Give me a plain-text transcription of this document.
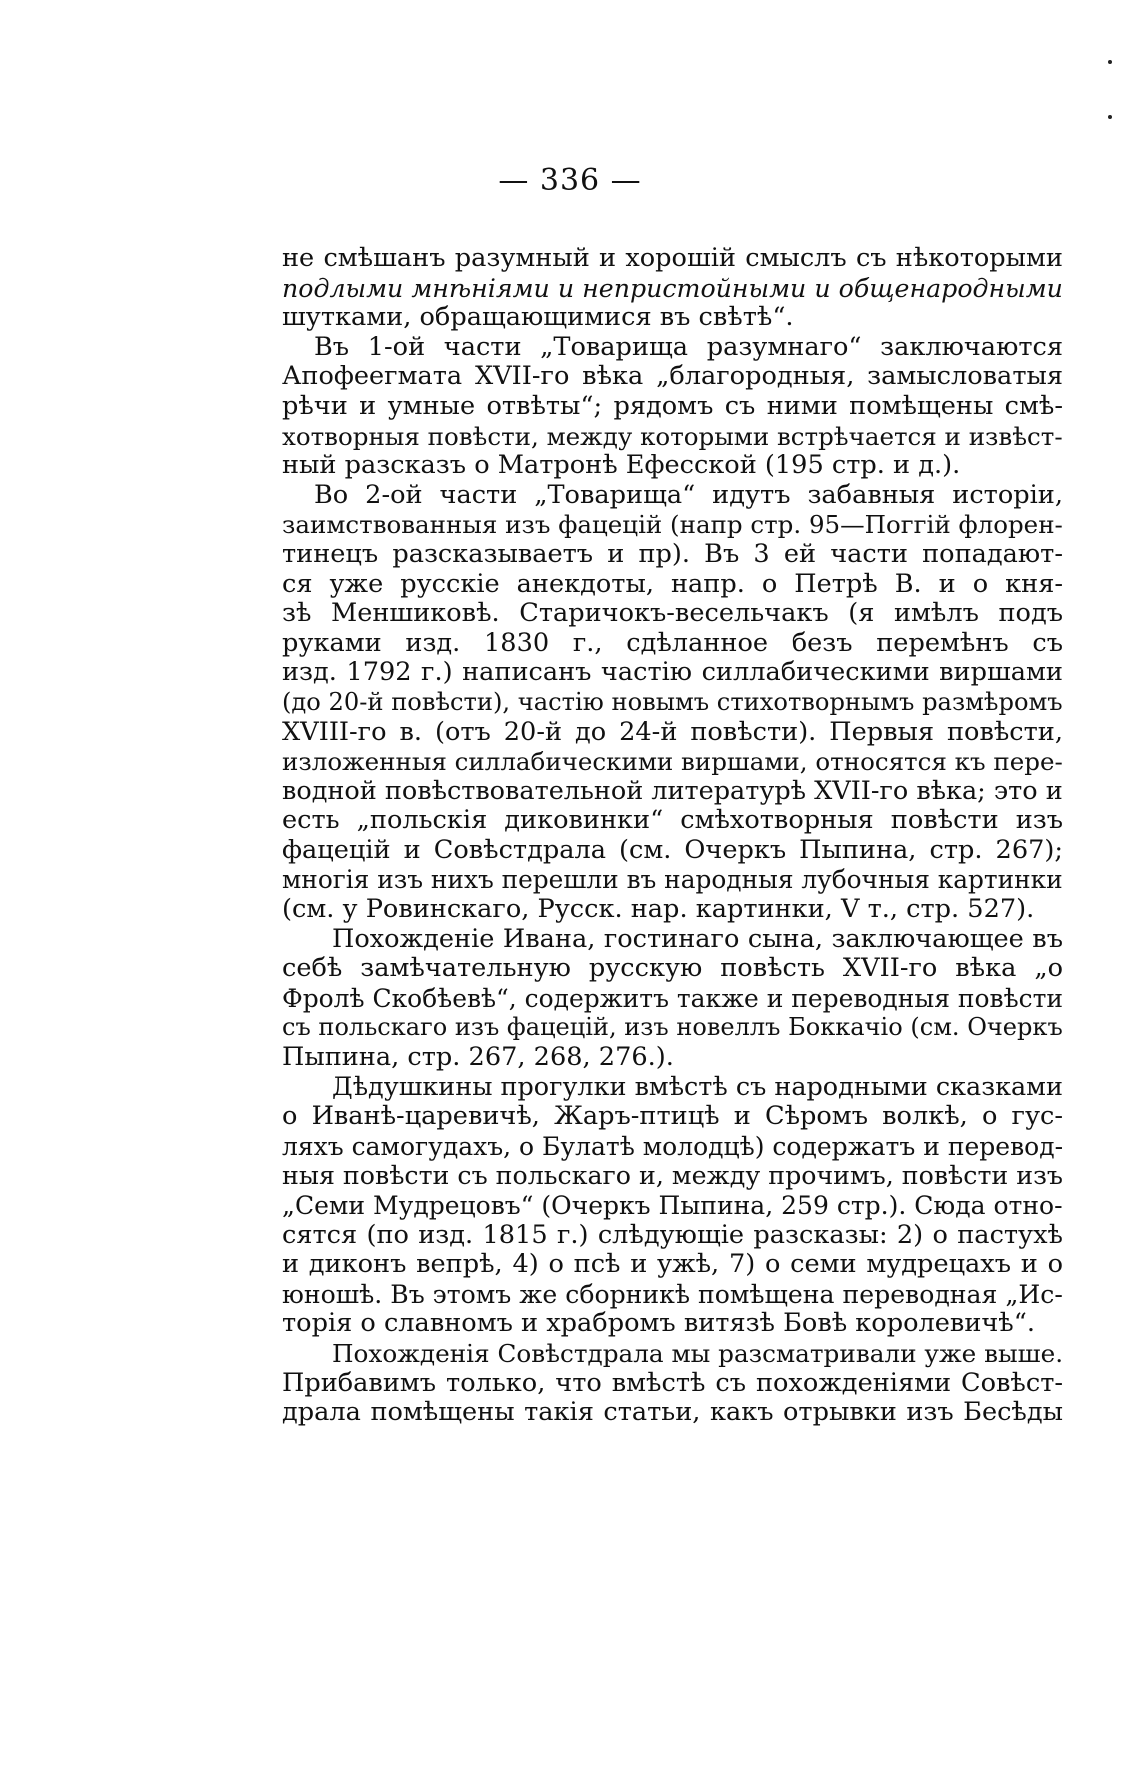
— 336 —
не смѣшанъ разумный и хорошій смыслъ съ нѣкоторыми
подлыми мнѣніями и непристойными и общенародными
шутками, обращающимися въ свѣтѣ“.
Въ 1-ой части „Товарища разумнаго“ заключаются
Апофеегмата XVII-го вѣка „благородныя, замысловатыя
рѣчи и умные отвѣты“; рядомъ съ ними помѣщены смѣ-
хотворныя повѣсти, между которыми встрѣчается и извѣст-
ный разсказъ о Матронѣ Ефесской (195 стр. и д.).
Во 2-ой части „Товарища“ идутъ забавныя исторіи,
заимствованныя изъ фацецій (напр стр. 95—Поггій флорен-
тинецъ разсказываетъ и пр). Въ 3 ей части попадают-
ся уже русскіе анекдоты, напр. о Петрѣ В. и о кня-
зѣ Меншиковѣ. Старичокъ-весельчакъ (я имѣлъ подъ
руками изд. 1830 г., сдѣланное безъ перемѣнъ съ
изд. 1792 г.) написанъ частію силлабическими виршами
(до 20-й повѣсти), частію новымъ стихотворнымъ размѣромъ
XVIII-го в. (отъ 20-й до 24-й повѣсти). Первыя повѣсти,
изложенныя силлабическими виршами, относятся къ пере-
водной повѣствовательной литературѣ XVII-го вѣка; это и
есть „польскія диковинки“ смѣхотворныя повѣсти изъ
фацецій и Совѣстдрала (см. Очеркъ Пыпина, стр. 267);
многія изъ нихъ перешли въ народныя лубочныя картинки
(см. у Ровинскаго, Русск. нар. картинки, V т., стр. 527).
Похожденіе Ивана, гостинаго сына, заключающее въ
себѣ замѣчательную русскую повѣсть XVII-го вѣка „о
Фролѣ Скобѣевѣ“, содержитъ также и переводныя повѣсти
съ польскаго изъ фацецій, изъ новеллъ Боккачіо (см. Очеркъ
Пыпина, стр. 267, 268, 276.).
Дѣдушкины прогулки вмѣстѣ съ народными сказками
о Иванѣ-царевичѣ, Жаръ-птицѣ и Сѣромъ волкѣ, о гус-
ляхъ самогудахъ, о Булатѣ молодцѣ) содержатъ и перевод-
ныя повѣсти съ польскаго и, между прочимъ, повѣсти изъ
„Семи Мудрецовъ“ (Очеркъ Пыпина, 259 стр.). Сюда отно-
сятся (по изд. 1815 г.) слѣдующіе разсказы: 2) о пастухѣ
и диконъ вепрѣ, 4) о псѣ и ужѣ, 7) о семи мудрецахъ и о
юношѣ. Въ этомъ же сборникѣ помѣщена переводная „Ис-
торія о славномъ и храбромъ витязѣ Бовѣ королевичѣ“.
Похожденія Совѣстдрала мы разсматривали уже выше.
Прибавимъ только, что вмѣстѣ съ похожденіями Совѣст-
драла помѣщены такія статьи, какъ отрывки изъ Бесѣды
